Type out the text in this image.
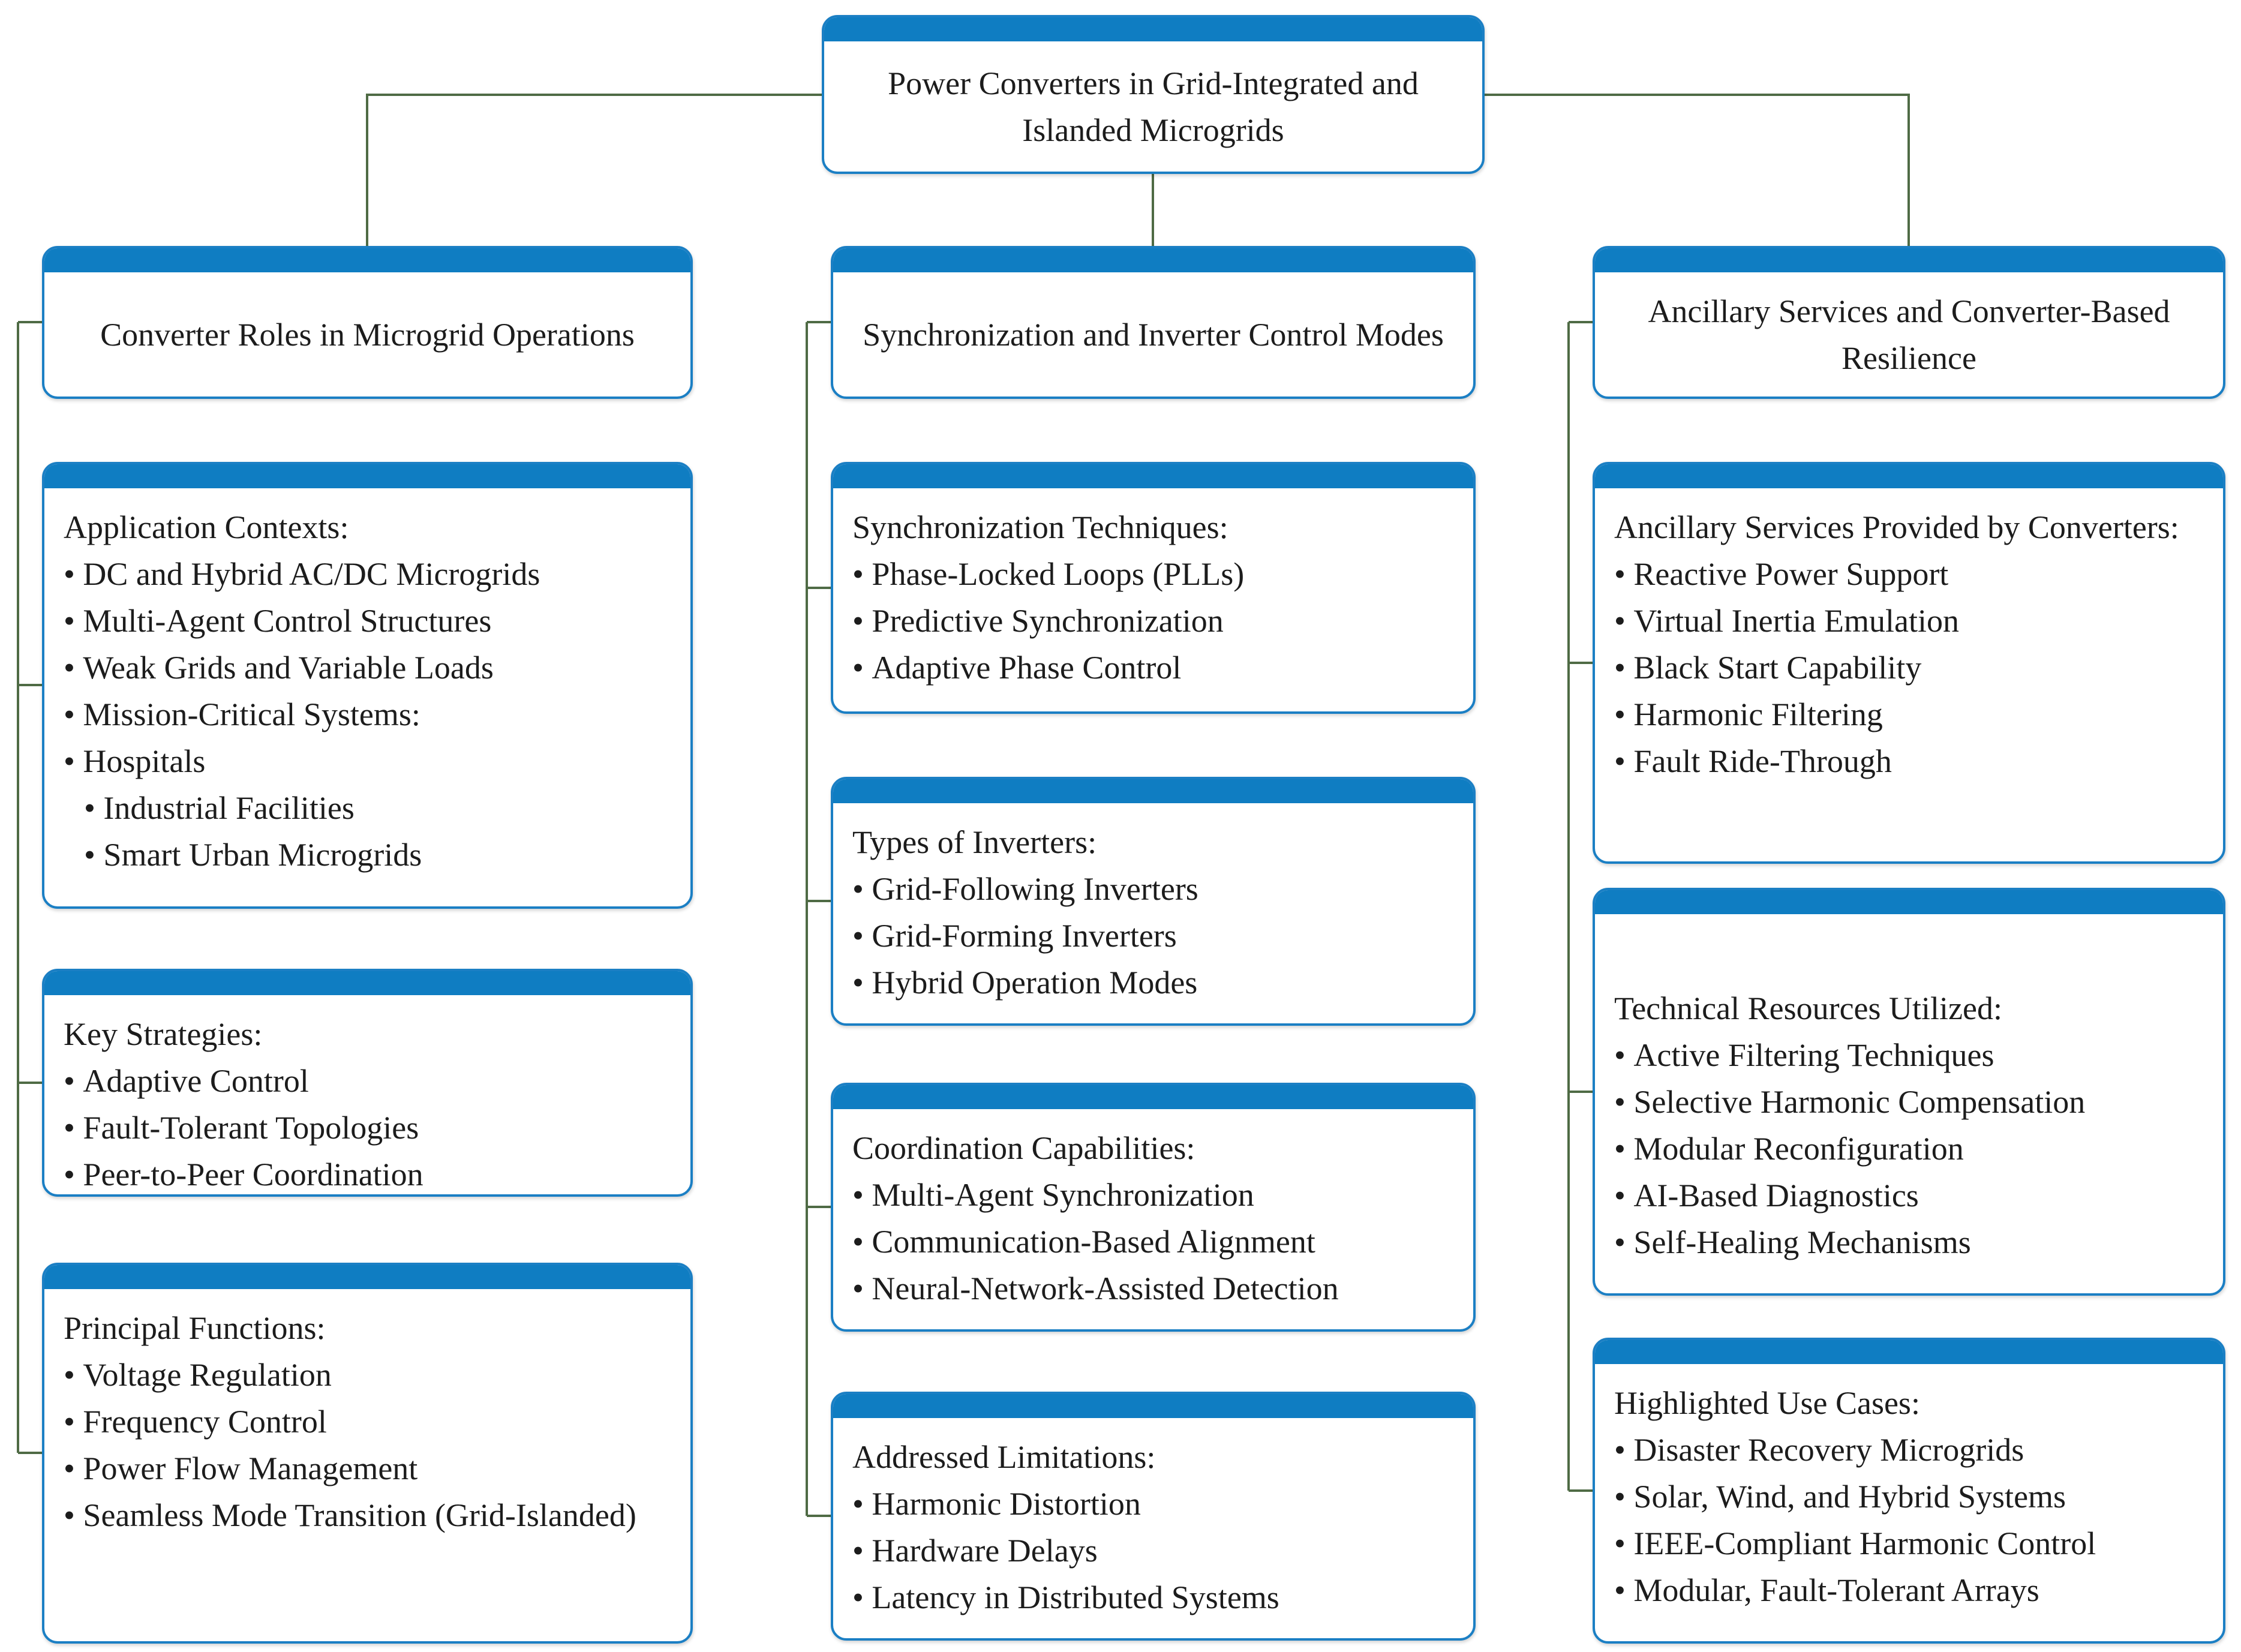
Power Converters in Grid-Integrated and Islanded Microgrids
Converter Roles in Microgrid Operations	Synchronization and Inverter Control Modes
Ancillary Services and Converter-Based Resilience
Application Contexts:
• DC and Hybrid AC/DC Microgrids
• Multi-Agent Control Structures
• Weak Grids and Variable Loads
• Mission-Critical Systems:
• Hospitals
• Industrial Facilities
• Smart Urban Microgrids
Key Strategies:
• Adaptive Control
• Fault-Tolerant Topologies
• Peer-to-Peer Coordination
Principal Functions:
• Voltage Regulation
• Frequency Control
• Power Flow Management
• Seamless Mode Transition (Grid-Islanded)
Synchronization Techniques:
• Phase-Locked Loops (PLLs)
• Predictive Synchronization
• Adaptive Phase Control
Types of Inverters:
• Grid-Following Inverters
• Grid-Forming Inverters
• Hybrid Operation Modes
Coordination Capabilities:
• Multi-Agent Synchronization
• Communication-Based Alignment
• Neural-Network-Assisted Detection
Addressed Limitations:
• Harmonic Distortion
• Hardware Delays
• Latency in Distributed Systems
Ancillary Services Provided by Converters:
• Reactive Power Support
• Virtual Inertia Emulation
• Black Start Capability
• Harmonic Filtering
• Fault Ride-Through
Technical Resources Utilized:
• Active Filtering Techniques
• Selective Harmonic Compensation
• Modular Reconfiguration
• AI-Based Diagnostics
• Self-Healing Mechanisms
Highlighted Use Cases:
• Disaster Recovery Microgrids
• Solar, Wind, and Hybrid Systems
• IEEE-Compliant Harmonic Control
• Modular, Fault-Tolerant Arrays
